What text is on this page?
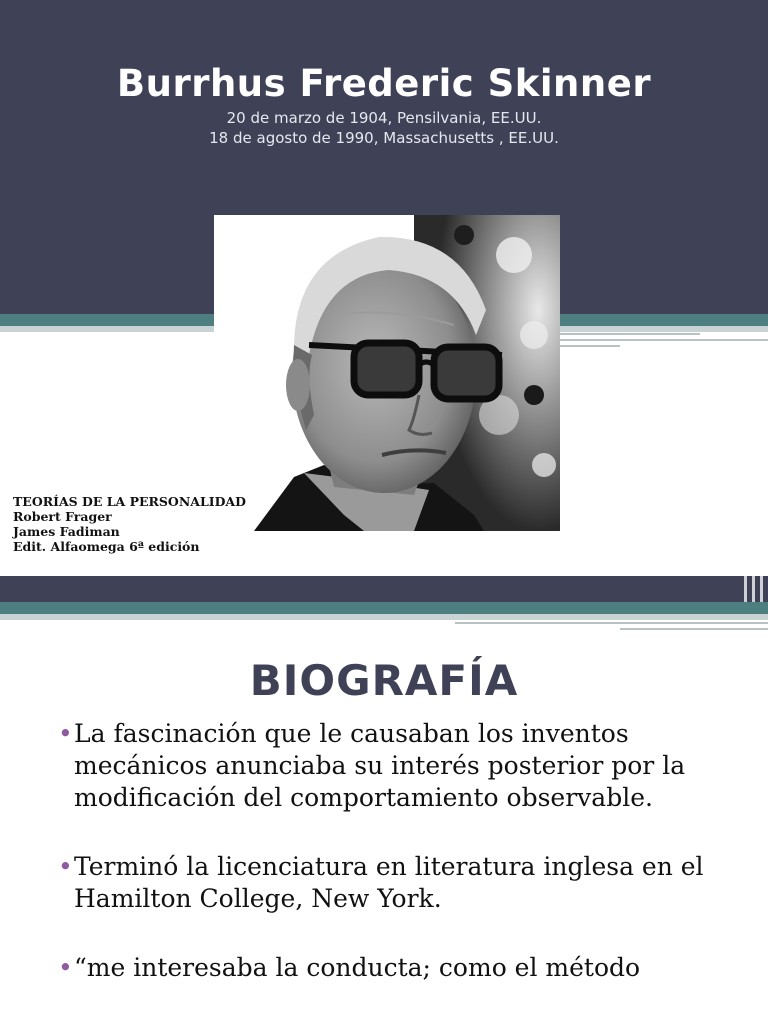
Burrhus Frederic Skinner
20 de marzo de 1904, Pensilvania, EE.UU.
18 de agosto de 1990, Massachusetts , EE.UU.
TEORÍAS DE LA PERSONALIDAD
Robert Frager
James Fadiman
Edit. Alfaomega 6ª edición
BIOGRAFÍA
• La fascinación que le causaban los inventos mecánicos anunciaba su interés posterior por la modificación del comportamiento observable.
• Terminó la licenciatura en literatura inglesa en el Hamilton College, New York.
• “me interesaba la conducta; como el método
